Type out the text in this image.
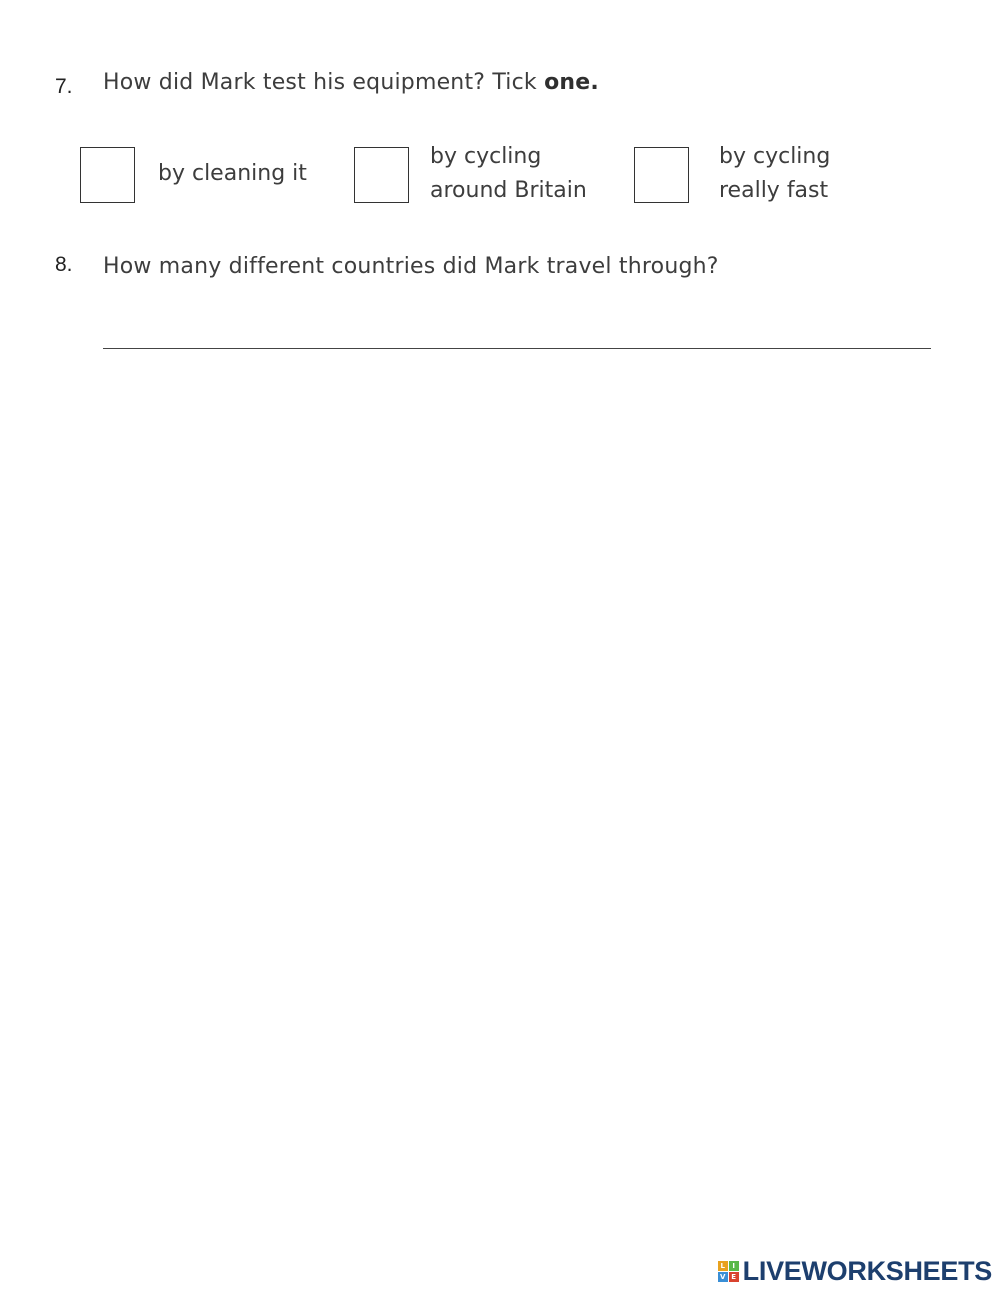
7. How did Mark test his equipment? Tick one.
by cleaning it
by cycling
around Britain
by cycling
really fast
8. How many different countries did Mark travel through?
L	I
V E LIVEWORKSHEETS
